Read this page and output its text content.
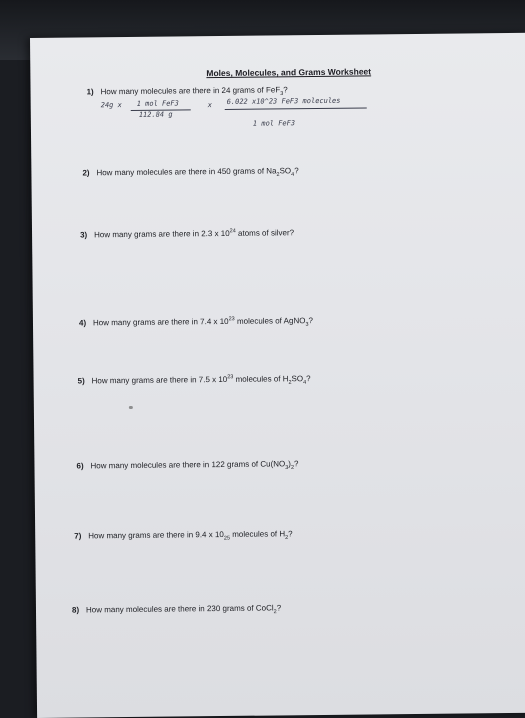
Moles, Molecules, and Grams Worksheet
1) How many molecules are there in 24 grams of FeF$_3$?
24g x 1 mol FeF3
112.84 g
x 6.022 x10^23 FeF3 molecules
1 mol FeF3
2) How many molecules are there in 450 grams of $Na_2SO_4$?
3) How many grams are there in 2.3 x $10^{24}$ atoms of silver?
4) How many grams are there in 7.4 x $10^{23}$ molecules of AgNO$_3$?
5) How many grams are there in 7.5 x $10^{23}$ molecules of $H_2SO_4$?
6) How many molecules are there in 122 grams of $Cu(NO_3)_2$?
7) How many grams are there in 9.4 x $10_{25}$ molecules of $H_2$?
8) How many molecules are there in 230 grams of CoCl$_2$?
